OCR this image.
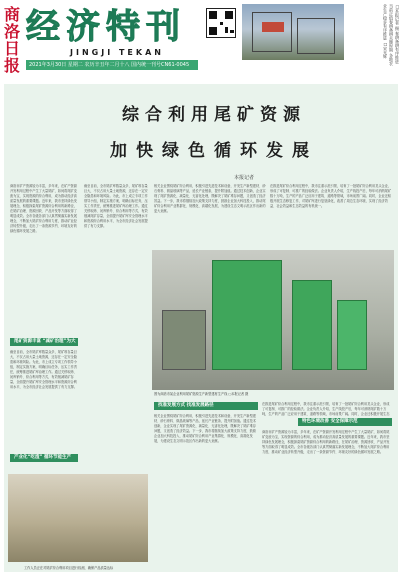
商洛日报
经济特刊
JINGJI TEKAN
2021年3月30日 星期二 农历辛丑年二月十八 国内统一刊号CN61-0045
□本报记者 摄 春耕备耕有序推进 当前正值春耕备耕关键时期 各地农业生产稳步有序推进 □宋光辉
综合利用尾矿资源
加快绿色循环发展
本报记者
商洛市矿产资源较为丰富，多年来，在矿产资源开发利用过程中产生了大量尾矿，如何将尾矿变废为宝，实现资源的综合利用，成为推动经济高质量发展的重要课题。近年来，我市坚持绿色发展理念，积极探索尾矿资源综合利用的新路径，在尾矿治理、资源回收、产品开发等方面取得了明显成效。全市各级各部门认真贯彻落实新发展理念，不断加大尾矿综合利用力度，推动矿业经济转型升级，走出了一条资源节约、环境友好的绿色循环发展之路。
尾矿资源丰富 “减矿治理”为大
截至目前，全市尾矿库数量众多，尾矿堆存量巨大，不仅占用大量土地资源，还存在一定安全隐患和环境风险。为此，市上成立专项工作领导小组，制定实施方案，明确目标任务，压实工作责任，统筹推进尾矿库治理工作。通过关停取缔、闭库销号、综合利用等方式，有效削减尾矿存量，全面提升尾矿库安全管理水平和资源综合利用水平，为全市经济社会发展提供了有力支撑。
产业化“吃渣” 循环节能生产
截至目前，全市尾矿库数量众多，尾矿堆存量巨大，不仅占用大量土地资源，还存在一定安全隐患和环境风险。为此，市上成立专项工作领导小组，制定实施方案，明确目标任务，压实工作责任，统筹推进尾矿库治理工作。通过关停取缔、闭库销号、综合利用等方式，有效削减尾矿存量，全面提升尾矿库安全管理水平和资源综合利用水平，为全市经济社会发展提供了有力支撑。
相关企业围绕尾矿综合利用，积极引进先进技术和设备，开发生产新型建材、砂石骨料、微晶玻璃等产品，延长产业链条，提升附加值。通过技术创新，企业实现了尾矿资源化、减量化、无害化处理，既解决了尾矿堆存问题，又创造了经济效益。下一步，我市将继续加大政策支持力度，鼓励企业加大科技投入，推动尾矿综合利用产业集群化、规模化、高端化发展，为建设生态文明示范区作出新的更大贡献。
在推进尾矿综合利用过程中，我市注重示范引领，培育了一批尾矿综合利用龙头企业，形成了可复制、可推广的经验做法。企业负责人介绍，生产线投产后，每年可消纳尾矿数十万吨，生产的产品广泛应用于建筑、道路等领域，市场前景广阔。同时，企业还积极开展生态修复工作，对尾矿库进行复垦绿化，改善了周边生态环境，实现了经济效益、社会效益和生态效益的有机统一。
图为商洛市某企业利用尾矿资源生产新型建材生产线 □本报记者 摄
找准发展方式 找准发展路径
相关企业围绕尾矿综合利用，积极引进先进技术和设备，开发生产新型建材、砂石骨料、微晶玻璃等产品，延长产业链条，提升附加值。通过技术创新，企业实现了尾矿资源化、减量化、无害化处理，既解决了尾矿堆存问题，又创造了经济效益。下一步，我市将继续加大政策支持力度，鼓励企业加大科技投入，推动尾矿综合利用产业集群化、规模化、高端化发展，为建设生态文明示范区作出新的更大贡献。
在推进尾矿综合利用过程中，我市注重示范引领，培育了一批尾矿综合利用龙头企业，形成了可复制、可推广的经验做法。企业负责人介绍，生产线投产后，每年可消纳尾矿数十万吨，生产的产品广泛应用于建筑、道路等领域，市场前景广阔。同时，企业还积极开展生态
特色环境改善 安全保障示范
商洛市矿产资源较为丰富，多年来，在矿产资源开发利用过程中产生了大量尾矿，如何将尾矿变废为宝，实现资源的综合利用，成为推动经济高质量发展的重要课题。近年来，我市坚持绿色发展理念，积极探索尾矿资源综合利用的新路径，在尾矿治理、资源回收、产品开发等方面取得了明显成效。全市各级各部门认真贯彻落实新发展理念，不断加大尾矿综合利用力度，推动矿业经济转型升级，走出了一条资源节约、环境友好的绿色循环发展之路。
工作人员正在对尾矿综合利用项目进行检测，确保产品质量达标
